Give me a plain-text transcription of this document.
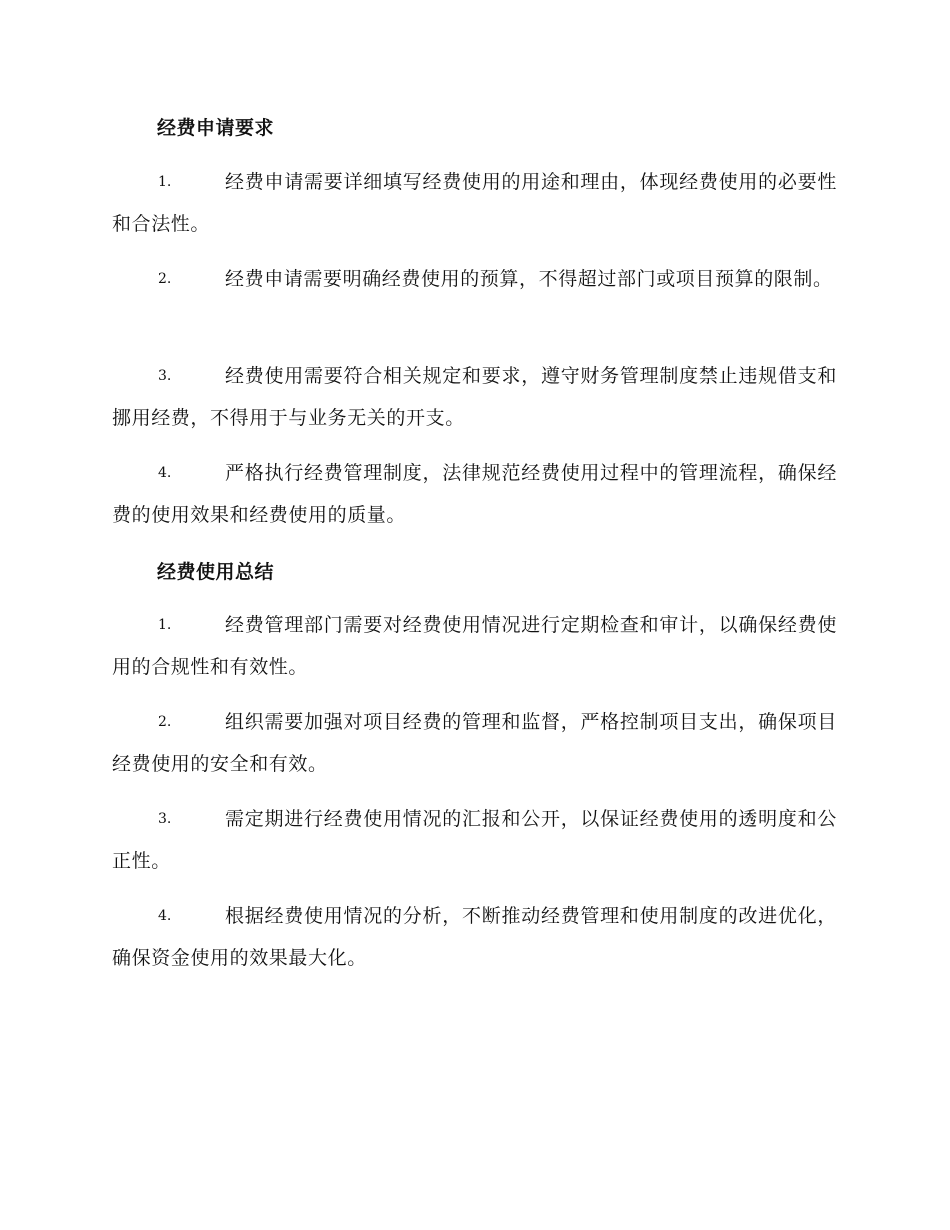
经费申请要求
1.	经费申请需要详细填写经费使用的用途和理由，体现经费使用的必要性和合法性。
2.	经费申请需要明确经费使用的预算，不得超过部门或项目预算的限制。
3.	经费使用需要符合相关规定和要求，遵守财务管理制度禁止违规借支和挪用经费，不得用于与业务无关的开支。
4.	严格执行经费管理制度，法律规范经费使用过程中的管理流程，确保经费的使用效果和经费使用的质量。
经费使用总结
1.	经费管理部门需要对经费使用情况进行定期检查和审计，以确保经费使用的合规性和有效性。
2.	组织需要加强对项目经费的管理和监督，严格控制项目支出，确保项目经费使用的安全和有效。
3.	需定期进行经费使用情况的汇报和公开，以保证经费使用的透明度和公正性。
4.	根据经费使用情况的分析，不断推动经费管理和使用制度的改进优化，确保资金使用的效果最大化。
